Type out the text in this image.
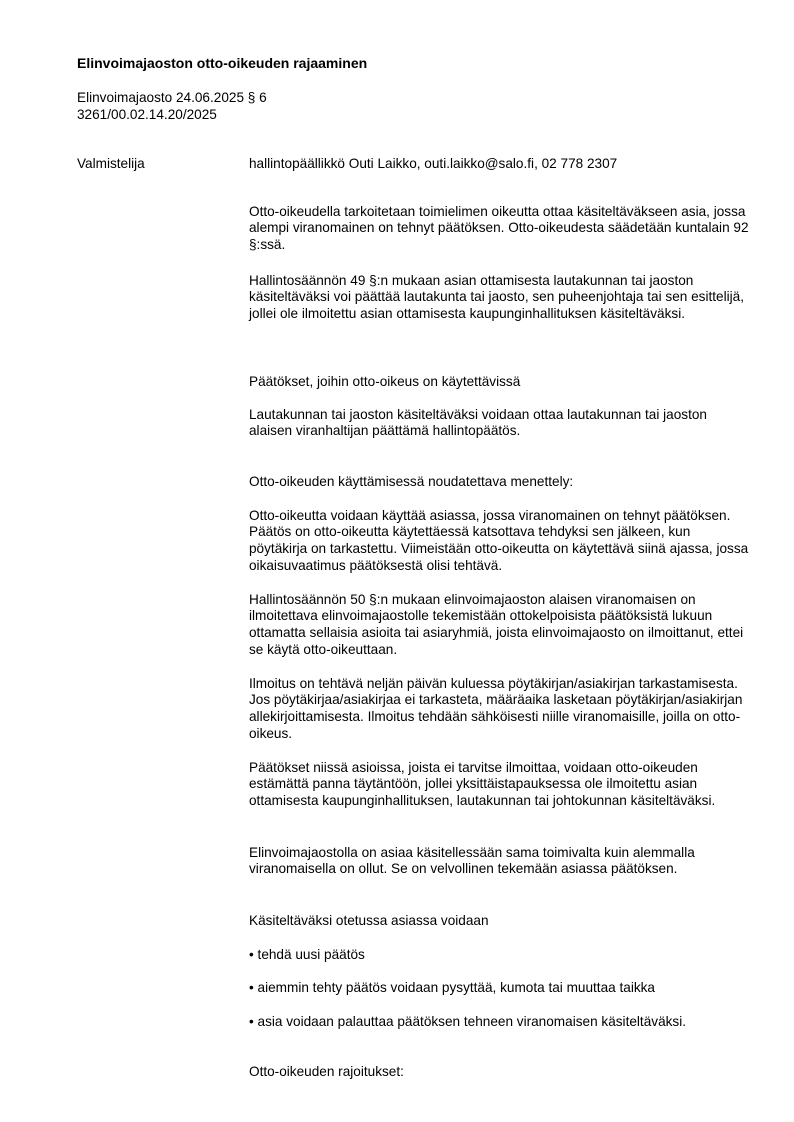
Elinvoimajaoston otto-oikeuden rajaaminen
Elinvoimajaosto 24.06.2025 § 6
3261/00.02.14.20/2025
Valmistelija	hallintopäällikkö Outi Laikko, outi.laikko@salo.fi, 02 778 2307

Otto-oikeudella tarkoitetaan toimielimen oikeutta ottaa käsiteltäväkseen asia, jossa alempi viranomainen on tehnyt päätöksen. Otto-oikeudesta säädetään kuntalain 92 §:ssä.

Hallintosäännön 49 §:n mukaan asian ottamisesta lautakunnan tai jaoston käsiteltäväksi voi päättää lautakunta tai jaosto, sen puheenjohtaja tai sen esittelijä, jollei ole ilmoitettu asian ottamisesta kaupunginhallituksen käsiteltäväksi.

Päätökset, joihin otto-oikeus on käytettävissä

Lautakunnan tai jaoston käsiteltäväksi voidaan ottaa lautakunnan tai jaoston alaisen viranhaltijan päättämä hallintopäätös.

Otto-oikeuden käyttämisessä noudatettava menettely:

Otto-oikeutta voidaan käyttää asiassa, jossa viranomainen on tehnyt päätöksen. Päätös on otto-oikeutta käytettäessä katsottava tehdyksi sen jälkeen, kun pöytäkirja on tarkastettu. Viimeistään otto-oikeutta on käytettävä siinä ajassa, jossa oikaisuvaatimus päätöksestä olisi tehtävä.

Hallintosäännön 50 §:n mukaan elinvoimajaoston alaisen viranomaisen on ilmoitettava elinvoimajaostolle tekemistään ottokelpoisista päätöksistä lukuun ottamatta sellaisia asioita tai asiaryhmiä, joista elinvoimajaosto on ilmoittanut, ettei se käytä otto-oikeuttaan.

Ilmoitus on tehtävä neljän päivän kuluessa pöytäkirjan/asiakirjan tarkastamisesta. Jos pöytäkirjaa/asiakirjaa ei tarkasteta, määräaika lasketaan pöytäkirjan/asiakirjan allekirjoittamisesta. Ilmoitus tehdään sähköisesti niille viranomaisille, joilla on otto-oikeus.

Päätökset niissä asioissa, joista ei tarvitse ilmoittaa, voidaan otto-oikeuden estämättä panna täytäntöön, jollei yksittäistapauksessa ole ilmoitettu asian ottamisesta kaupunginhallituksen, lautakunnan tai johtokunnan käsiteltäväksi.

Elinvoimajaostolla on asiaa käsitellessään sama toimivalta kuin alemmalla viranomaisella on ollut. Se on velvollinen tekemään asiassa päätöksen.

Käsiteltäväksi otetussa asiassa voidaan

• tehdä uusi päätös

• aiemmin tehty päätös voidaan pysyttää, kumota tai muuttaa taikka

• asia voidaan palauttaa päätöksen tehneen viranomaisen käsiteltäväksi.

Otto-oikeuden rajoitukset:
